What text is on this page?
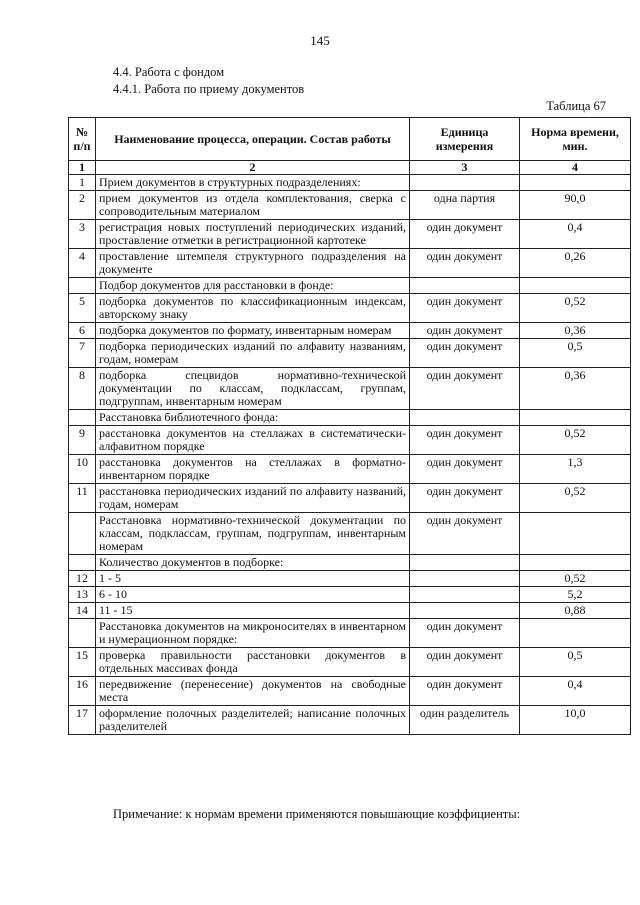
145
4.4. Работа с фондом
4.4.1. Работа по приему документов
Таблица 67
№ п/п	Наименование процесса, операции. Состав работы	Единица измерения	Норма времени, мин.
1	2	3	4
1	Прием документов в структурных подразделениях:		
2	прием документов из отдела комплектования, сверка с сопроводительным материалом	одна партия	90,0
3	регистрация новых поступлений периодических изданий, проставление отметки в регистрационной картотеке	один документ	0,4
4	проставление штемпеля структурного подразделения на документе	один документ	0,26
	Подбор документов для расстановки в фонде:		
5	подборка документов по классификационным индексам, авторскому знаку	один документ	0,52
6	подборка документов по формату, инвентарным номерам	один документ	0,36
7	подборка периодических изданий по алфавиту названиям, годам, номерам	один документ	0,5
8	подборка спецвидов нормативно-технической документации по классам, подклассам, группам, подгруппам, инвентарным номерам	один документ	0,36
	Расстановка библиотечного фонда:		
9	расстановка документов на стеллажах в систематически-алфавитном порядке	один документ	0,52
10	расстановка документов на стеллажах в форматно-инвентарном порядке	один документ	1,3
11	расстановка периодических изданий по алфавиту названий, годам, номерам	один документ	0,52
	Расстановка нормативно-технической документации по классам, подклассам, группам, подгруппам, инвентарным номерам	один документ	
	Количество документов в подборке:		
12	1 - 5		0,52
13	6 - 10		5,2
14	11 - 15		0,88
	Расстановка документов на микроносителях в инвентарном и нумерационном порядке:	один документ	
15	проверка правильности расстановки документов в отдельных массивах фонда	один документ	0,5
16	передвижение (перенесение) документов на свободные места	один документ	0,4
17	оформление полочных разделителей; написание полочных разделителей	один разделитель	10,0
Примечание: к нормам времени применяются повышающие коэффициенты:
